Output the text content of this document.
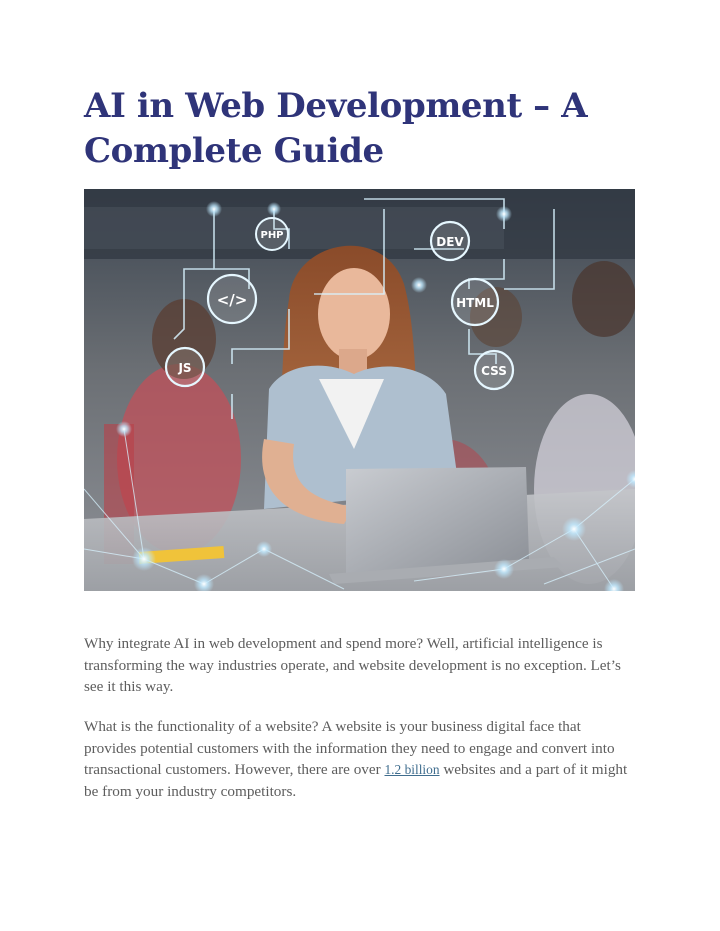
AI in Web Development – A
Complete Guide
PHP
</>
JS
DEV
HTML
CSS

Why integrate AI in web development and spend more? Well, artificial intelligence is transforming the way industries operate, and website development is no exception. Let’s see it this way.

What is the functionality of a website? A website is your business digital face that provides potential customers with the information they need to engage and convert into transactional customers. However, there are over 1.2 billion websites and a part of it might be from your industry competitors.
